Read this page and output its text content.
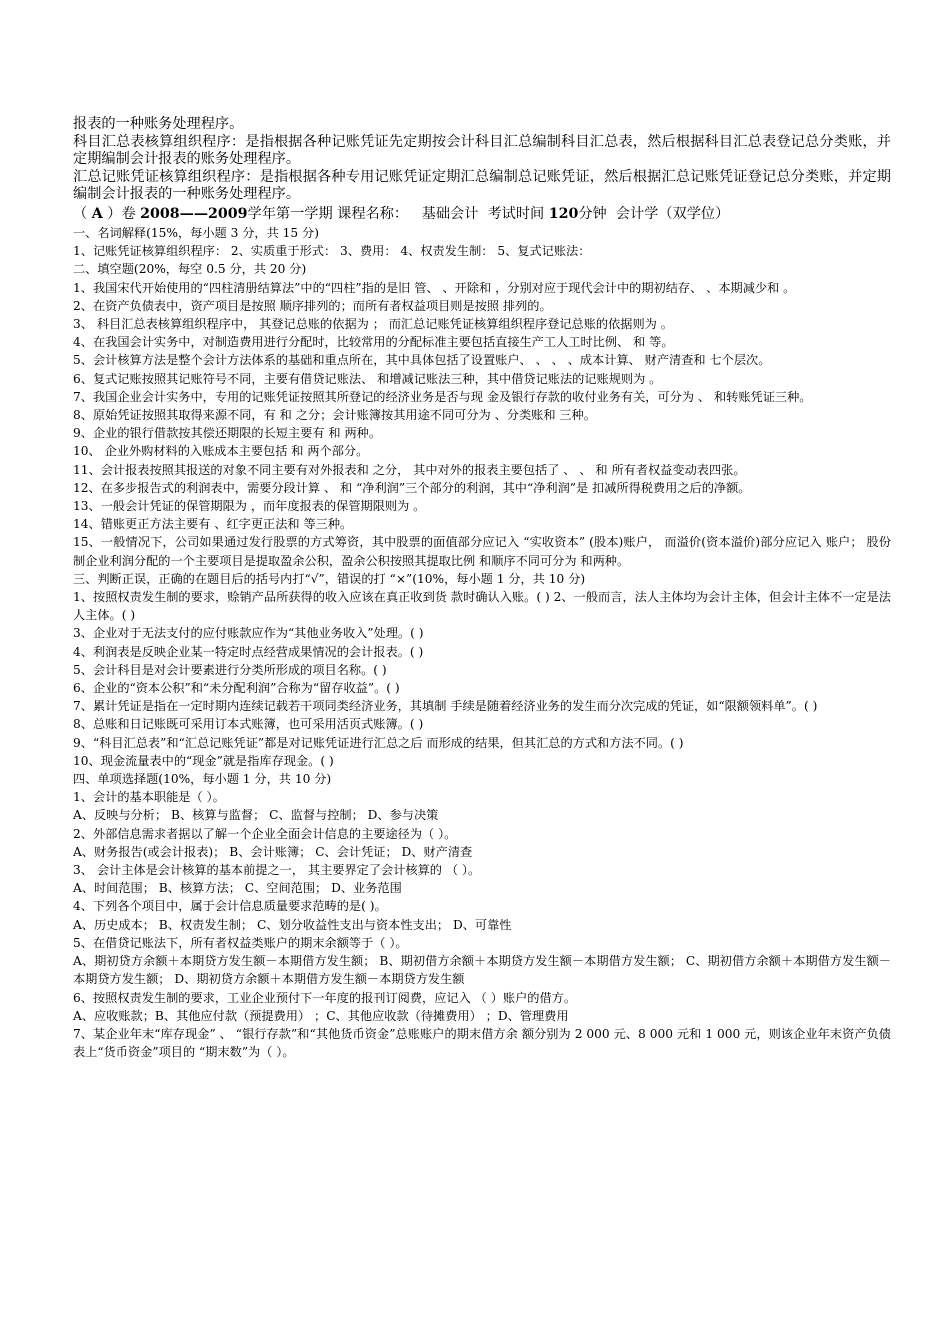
报表的一种账务处理程序。

科目汇总表核算组织程序：是指根据各种记账凭证先定期按会计科目汇总编制科目汇总表，然后根据科目汇总表登记总分类账，并定期编制会计报表的账务处理程序。

汇总记账凭证核算组织程序：是指根据各种专用记账凭证定期汇总编制总记账凭证，然后根据汇总记账凭证登记总分类账，并定期编制会计报表的一种账务处理程序。

（ A ）卷 2008——2009学年第一学期 课程名称： 基础会计 考试时间 120分钟 会计学（双学位）

一、名词解释(15%，每小题 3 分，共 15 分)

1、记账凭证核算组织程序： 2、实质重于形式： 3、费用： 4、权责发生制： 5、复式记账法：

二、填空题(20%，每空 0.5 分，共 20 分)

1、我国宋代开始使用的“四柱清册结算法”中的“四柱”指的是旧 管、 、开除和 ，分别对应于现代会计中的期初结存、 、本期减少和 。

2、在资产负债表中，资产项目是按照 顺序排列的；而所有者权益项目则是按照 排列的。

3、 科目汇总表核算组织程序中， 其登记总账的依据为 ； 而汇总记账凭证核算组织程序登记总账的依据则为 。

4、在我国会计实务中，对制造费用进行分配时，比较常用的分配标准主要包括直接生产工人工时比例、 和 等。

5、会计核算方法是整个会计方法体系的基础和重点所在，其中具体包括了设置账户、 、 、 、成本计算、 财产清查和 七个层次。

6、复式记账按照其记账符号不同，主要有借贷记账法、 和增减记账法三种，其中借贷记账法的记账规则为 。

7、我国企业会计实务中，专用的记账凭证按照其所登记的经济业务是否与现 金及银行存款的收付业务有关，可分为 、 和转账凭证三种。

8、原始凭证按照其取得来源不同，有 和 之分；会计账簿按其用途不同可分为 、分类账和 三种。

9、企业的银行借款按其偿还期限的长短主要有 和 两种。

10、 企业外购材料的入账成本主要包括 和 两个部分。

11、会计报表按照其报送的对象不同主要有对外报表和 之分， 其中对外的报表主要包括了 、 、 和 所有者权益变动表四张。

12、在多步报告式的利润表中，需要分段计算 、 和 “净利润”三个部分的利润，其中“净利润”是 扣减所得税费用之后的净额。

13、一般会计凭证的保管期限为 ，而年度报表的保管期限则为 。

14、错账更正方法主要有 、红字更正法和 等三种。

15、一般情况下，公司如果通过发行股票的方式筹资，其中股票的面值部分应记入 “实收资本” (股本)账户， 而溢价(资本溢价)部分应记入 账户； 股份制企业利润分配的一个主要项目是提取盈余公积，盈余公积按照其提取比例 和顺序不同可分为 和两种。

三、判断正误，正确的在题目后的括号内打“√”，错误的打 “×”(10%，每小题 1 分，共 10 分)

1、按照权责发生制的要求，赊销产品所获得的收入应该在真正收到货 款时确认入账。( ) 2、一般而言，法人主体均为会计主体，但会计主体不一定是法人主体。( )

3、企业对于无法支付的应付账款应作为“其他业务收入”处理。( )

4、利润表是反映企业某一特定时点经营成果情况的会计报表。( )

5、会计科目是对会计要素进行分类所形成的项目名称。( )

6、企业的“资本公积”和“未分配利润”合称为“留存收益”。( )

7、累计凭证是指在一定时期内连续记载若干项同类经济业务，其填制 手续是随着经济业务的发生而分次完成的凭证，如“限额领料单”。( )

8、总账和日记账既可采用订本式账簿，也可采用活页式账簿。( )

9、“科目汇总表”和“汇总记账凭证”都是对记账凭证进行汇总之后 而形成的结果，但其汇总的方式和方法不同。( )

10、现金流量表中的“现金”就是指库存现金。( )

四、单项选择题(10%，每小题 1 分，共 10 分)

1、会计的基本职能是（ ）。

A、反映与分析； B、核算与监督； C、监督与控制； D、参与决策

2、外部信息需求者据以了解一个企业全面会计信息的主要途径为（ ）。

A、财务报告(或会计报表)； B、会计账簿； C、会计凭证； D、财产清查

3、 会计主体是会计核算的基本前提之一， 其主要界定了会计核算的 （ ）。

A、时间范围； B、核算方法； C、空间范围； D、业务范围

4、下列各个项目中，属于会计信息质量要求范畴的是( )。

A、历史成本； B、权责发生制； C、划分收益性支出与资本性支出； D、可靠性

5、在借贷记账法下，所有者权益类账户的期末余额等于（ ）。

A、期初贷方余额＋本期贷方发生额－本期借方发生额； B、期初借方余额＋本期贷方发生额－本期借方发生额； C、期初借方余额＋本期借方发生额－本期贷方发生额； D、期初贷方余额＋本期借方发生额－本期贷方发生额

6、按照权责发生制的要求，工业企业预付下一年度的报刊订阅费，应记入 （ ）账户的借方。

A、应收账款；B、其他应付款（预提费用） ；C、其他应收款（待摊费用） ；D、管理费用

7、某企业年末“库存现金” 、 “银行存款”和“其他货币资金”总账账户的期末借方余 额分别为 2 000 元、8 000 元和 1 000 元，则该企业年末资产负债表上“货币资金”项目的 “期末数”为（ ）。
